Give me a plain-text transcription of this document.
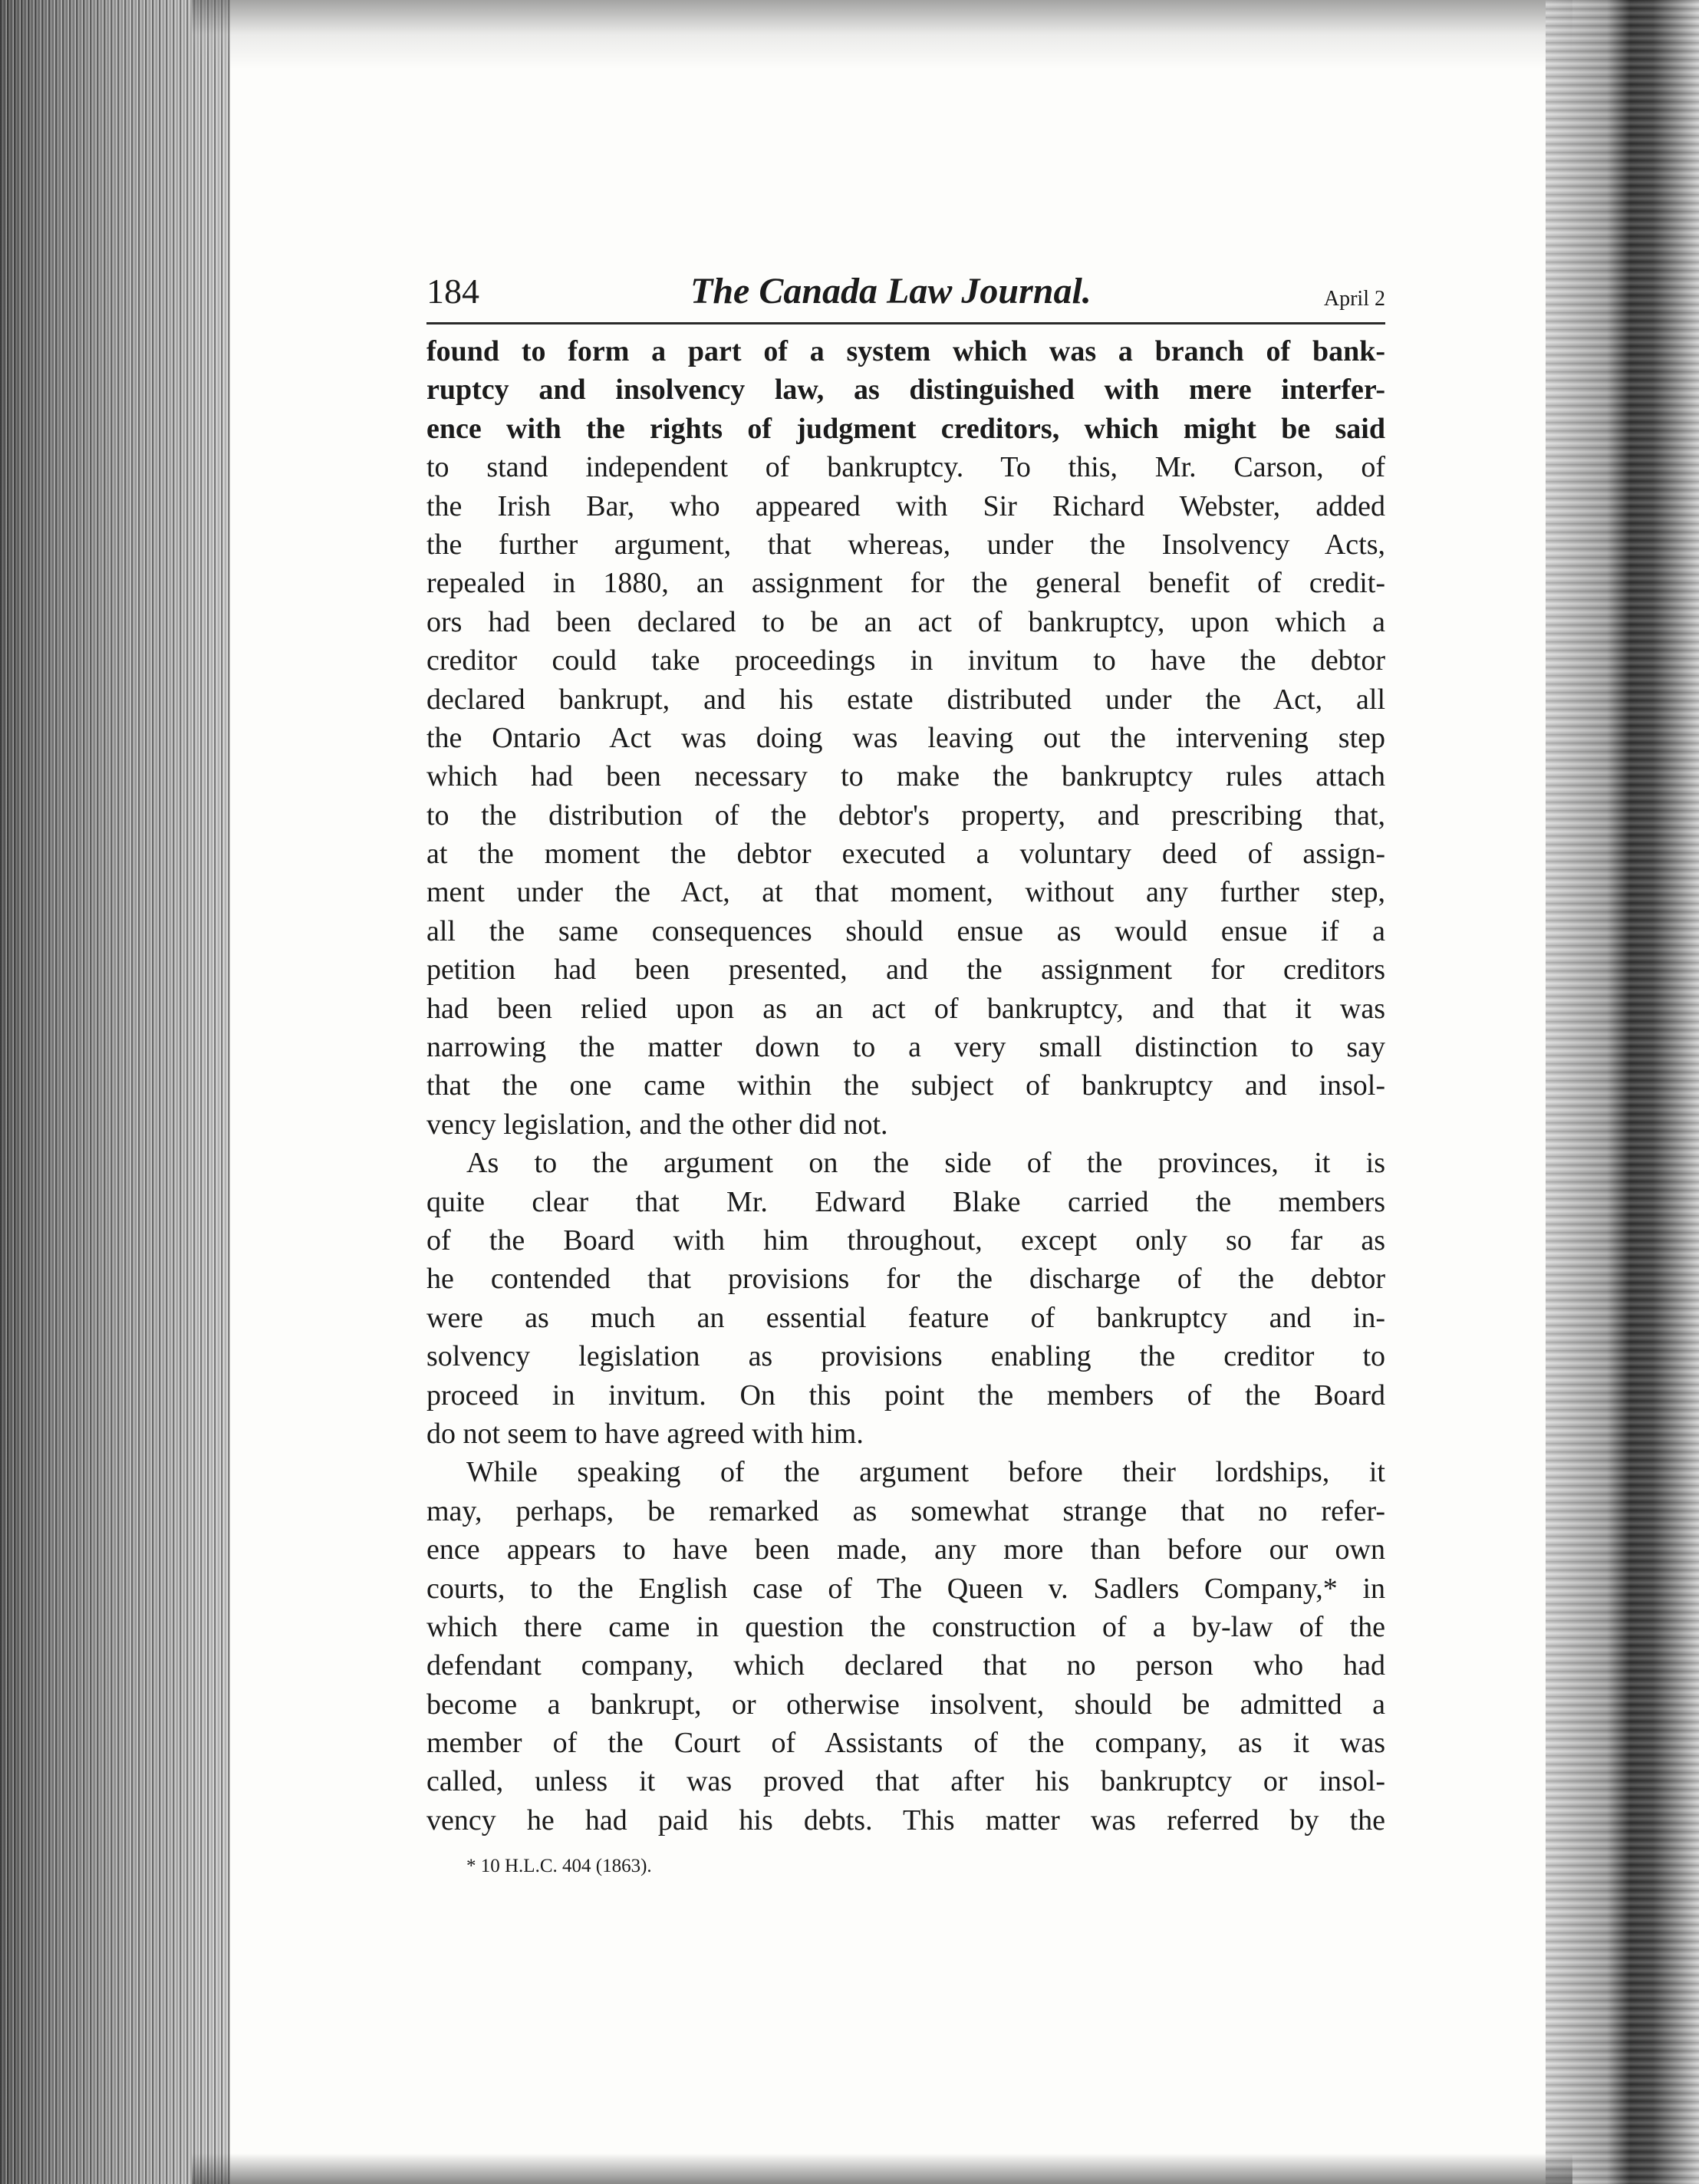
184	The Canada Law Journal.	April 2
found to form a part of a system which was a branch of bank-
ruptcy and insolvency law, as distinguished with mere interfer-
ence with the rights of judgment creditors, which might be said
to stand independent of bankruptcy. To this, Mr. Carson, of
the Irish Bar, who appeared with Sir Richard Webster, added
the further argument, that whereas, under the Insolvency Acts,
repealed in 1880, an assignment for the general benefit of credit-
ors had been declared to be an act of bankruptcy, upon which a
creditor could take proceedings in invitum to have the debtor
declared bankrupt, and his estate distributed under the Act, all
the Ontario Act was doing was leaving out the intervening step
which had been necessary to make the bankruptcy rules attach
to the distribution of the debtor's property, and prescribing that,
at the moment the debtor executed a voluntary deed of assign-
ment under the Act, at that moment, without any further step,
all the same consequences should ensue as would ensue if a
petition had been presented, and the assignment for creditors
had been relied upon as an act of bankruptcy, and that it was
narrowing the matter down to a very small distinction to say
that the one came within the subject of bankruptcy and insol-
vency legislation, and the other did not.
As to the argument on the side of the provinces, it is
quite clear that Mr. Edward Blake carried the members
of the Board with him throughout, except only so far as
he contended that provisions for the discharge of the debtor
were as much an essential feature of bankruptcy and in-
solvency legislation as provisions enabling the creditor to
proceed in invitum. On this point the members of the Board
do not seem to have agreed with him.
While speaking of the argument before their lordships, it
may, perhaps, be remarked as somewhat strange that no refer-
ence appears to have been made, any more than before our own
courts, to the English case of The Queen v. Sadlers Company,* in
which there came in question the construction of a by-law of the
defendant company, which declared that no person who had
become a bankrupt, or otherwise insolvent, should be admitted a
member of the Court of Assistants of the company, as it was
called, unless it was proved that after his bankruptcy or insol-
vency he had paid his debts. This matter was referred by the
* 10 H.L.C. 404 (1863).
